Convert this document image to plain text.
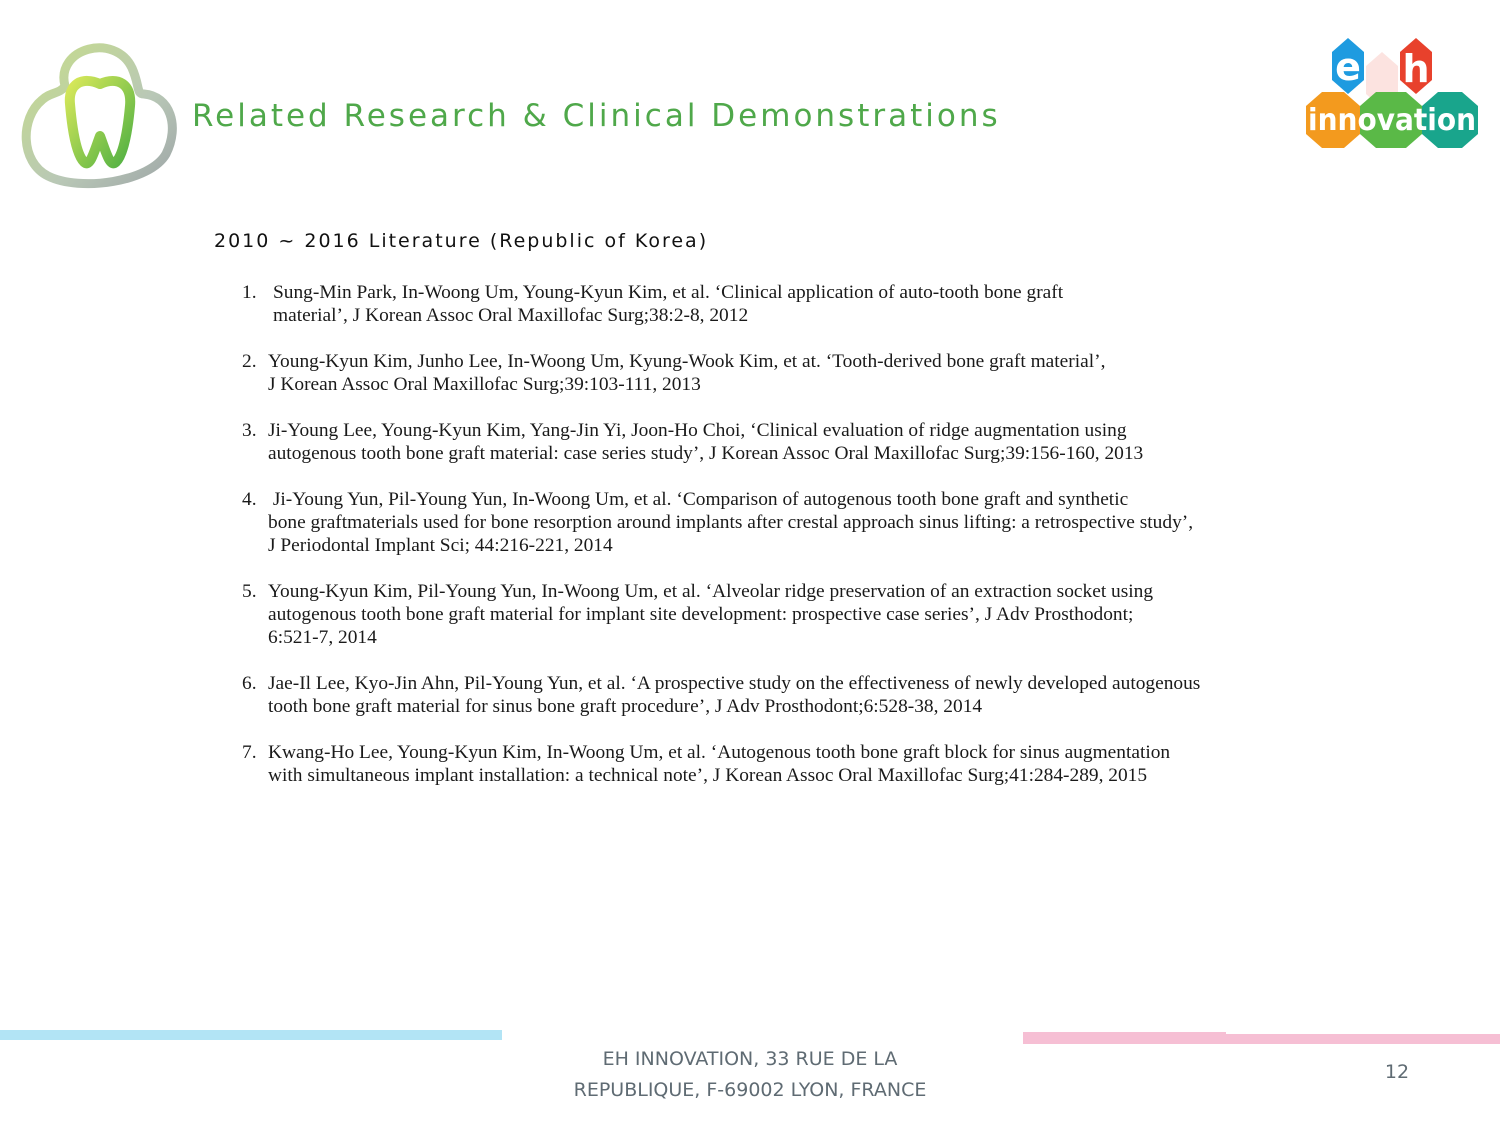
Related Research & Clinical Demonstrations
e h
innovation
2010 ~ 2016 Literature (Republic of Korea)
1. Sung-Min Park, In-Woong Um, Young-Kyun Kim, et al. ‘Clinical application of auto-tooth bone graft
material’, J Korean Assoc Oral Maxillofac Surg;38:2-8, 2012
2. Young-Kyun Kim, Junho Lee, In-Woong Um, Kyung-Wook Kim, et at. ‘Tooth-derived bone graft material’,
J Korean Assoc Oral Maxillofac Surg;39:103-111, 2013
3. Ji-Young Lee, Young-Kyun Kim, Yang-Jin Yi, Joon-Ho Choi, ‘Clinical evaluation of ridge augmentation using
autogenous tooth bone graft material: case series study’, J Korean Assoc Oral Maxillofac Surg;39:156-160, 2013
4. Ji-Young Yun, Pil-Young Yun, In-Woong Um, et al. ‘Comparison of autogenous tooth bone graft and synthetic
bone graftmaterials used for bone resorption around implants after crestal approach sinus lifting: a retrospective study’,
J Periodontal Implant Sci; 44:216-221, 2014
5. Young-Kyun Kim, Pil-Young Yun, In-Woong Um, et al. ‘Alveolar ridge preservation of an extraction socket using
autogenous tooth bone graft material for implant site development: prospective case series’, J Adv Prosthodont;
6:521-7, 2014
6. Jae-Il Lee, Kyo-Jin Ahn, Pil-Young Yun, et al. ‘A prospective study on the effectiveness of newly developed autogenous
tooth bone graft material for sinus bone graft procedure’, J Adv Prosthodont;6:528-38, 2014
7. Kwang-Ho Lee, Young-Kyun Kim, In-Woong Um, et al. ‘Autogenous tooth bone graft block for sinus augmentation
with simultaneous implant installation: a technical note’, J Korean Assoc Oral Maxillofac Surg;41:284-289, 2015
EH INNOVATION, 33 RUE DE LA
REPUBLIQUE, F-69002 LYON, FRANCE
12
